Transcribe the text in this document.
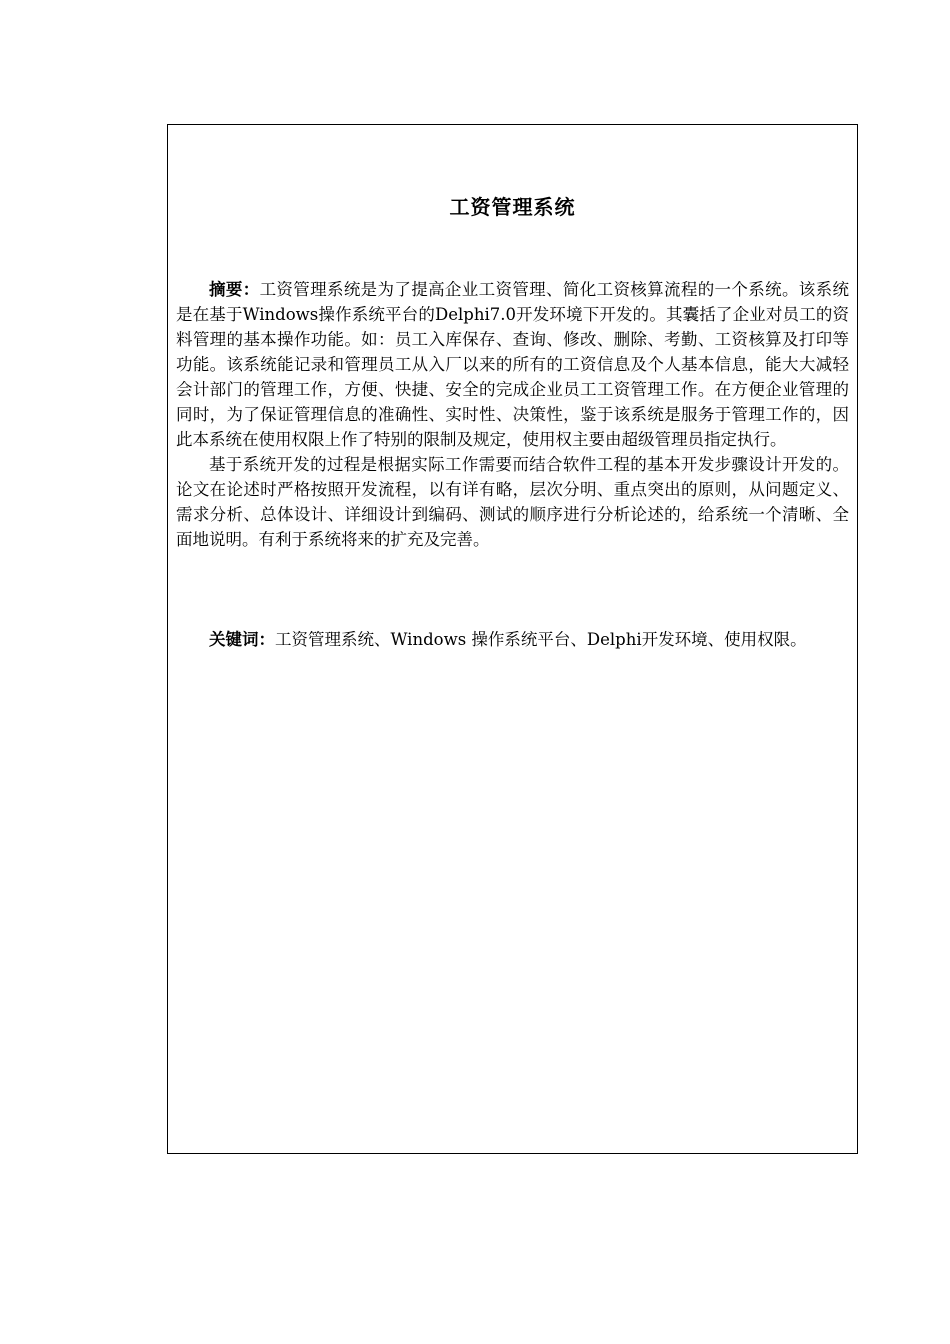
工资管理系统

摘要：工资管理系统是为了提高企业工资管理、简化工资核算流程的一个系统。该系统是在基于Windows操作系统平台的Delphi7.0开发环境下开发的。其囊括了企业对员工的资料管理的基本操作功能。如：员工入库保存、查询、修改、删除、考勤、工资核算及打印等功能。该系统能记录和管理员工从入厂以来的所有的工资信息及个人基本信息，能大大减轻会计部门的管理工作，方便、快捷、安全的完成企业员工工资管理工作。在方便企业管理的同时，为了保证管理信息的准确性、实时性、决策性，鉴于该系统是服务于管理工作的，因此本系统在使用权限上作了特别的限制及规定，使用权主要由超级管理员指定执行。

基于系统开发的过程是根据实际工作需要而结合软件工程的基本开发步骤设计开发的。论文在论述时严格按照开发流程，以有详有略，层次分明、重点突出的原则，从问题定义、需求分析、总体设计、详细设计到编码、测试的顺序进行分析论述的，给系统一个清晰、全面地说明。有利于系统将来的扩充及完善。

关键词：工资管理系统、Windows 操作系统平台、Delphi开发环境、使用权限。
